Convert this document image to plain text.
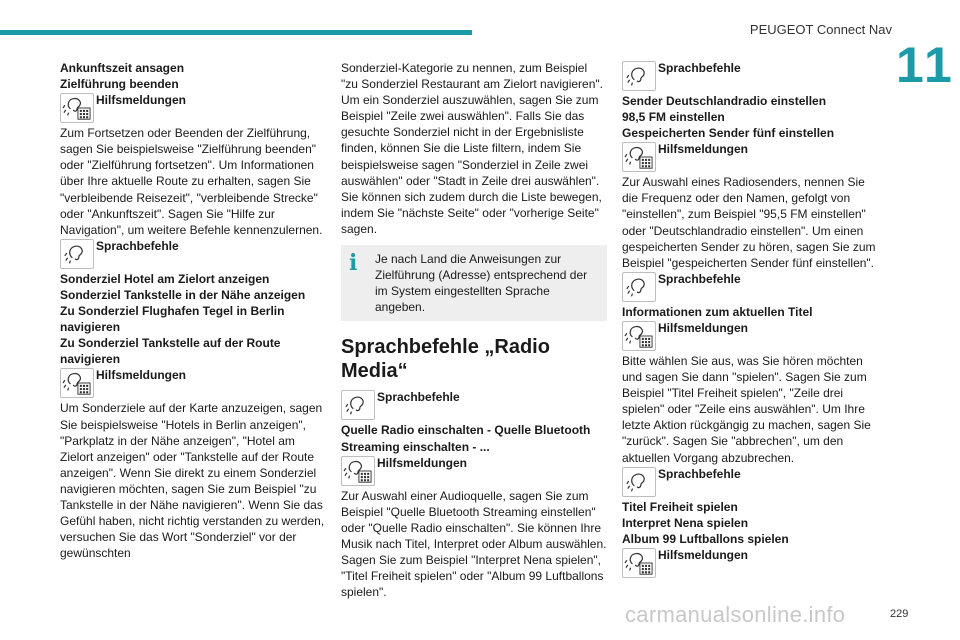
PEUGEOT Connect Nav
11

Ankunftszeit ansagen

Zielführung beenden

Hilfsmeldungen

Zum Fortsetzen oder Beenden der Zielführung, sagen Sie beispielsweise "Zielführung beenden" oder "Zielführung fortsetzen". Um Informationen über Ihre aktuelle Route zu erhalten, sagen Sie "verbleibende Reisezeit", "verbleibende Strecke" oder "Ankunftszeit". Sagen Sie "Hilfe zur Navigation", um weitere Befehle kennenzulernen.

Sprachbefehle

Sonderziel Hotel am Zielort anzeigen

Sonderziel Tankstelle in der Nähe anzeigen

Zu Sonderziel Flughafen Tegel in Berlin navigieren

Zu Sonderziel Tankstelle auf der Route navigieren

Hilfsmeldungen

Um Sonderziele auf der Karte anzuzeigen, sagen Sie beispielsweise "Hotels in Berlin anzeigen", "Parkplatz in der Nähe anzeigen", "Hotel am Zielort anzeigen" oder "Tankstelle auf der Route anzeigen". Wenn Sie direkt zu einem Sonderziel navigieren möchten, sagen Sie zum Beispiel "zu Tankstelle in der Nähe navigieren". Wenn Sie das Gefühl haben, nicht richtig verstanden zu werden, versuchen Sie das Wort "Sonderziel" vor der gewünschten

Sonderziel-Kategorie zu nennen, zum Beispiel "zu Sonderziel Restaurant am Zielort navigieren".

Um ein Sonderziel auszuwählen, sagen Sie zum Beispiel "Zeile zwei auswählen". Falls Sie das gesuchte Sonderziel nicht in der Ergebnisliste finden, können Sie die Liste filtern, indem Sie beispielsweise sagen "Sonderziel in Zeile zwei auswählen" oder "Stadt in Zeile drei auswählen". Sie können sich zudem durch die Liste bewegen, indem Sie "nächste Seite" oder "vorherige Seite" sagen.

i	Je nach Land die Anweisungen zur Zielführung (Adresse) entsprechend der im System eingestellten Sprache angeben.
Sprachbefehle „Radio Media“
Sprachbefehle

Quelle Radio einschalten - Quelle Bluetooth Streaming einschalten - ...

Hilfsmeldungen

Zur Auswahl einer Audioquelle, sagen Sie zum Beispiel "Quelle Bluetooth Streaming einstellen" oder "Quelle Radio einschalten". Sie können Ihre Musik nach Titel, Interpret oder Album auswählen. Sagen Sie zum Beispiel "Interpret Nena spielen", "Titel Freiheit spielen" oder "Album 99 Luftballons spielen".

Sprachbefehle

Sender Deutschlandradio einstellen

98,5 FM einstellen

Gespeicherten Sender fünf einstellen

Hilfsmeldungen

Zur Auswahl eines Radiosenders, nennen Sie die Frequenz oder den Namen, gefolgt von "einstellen", zum Beispiel "95,5 FM einstellen" oder "Deutschlandradio einstellen". Um einen gespeicherten Sender zu hören, sagen Sie zum Beispiel "gespeicherten Sender fünf einstellen".

Sprachbefehle

Informationen zum aktuellen Titel

Hilfsmeldungen

Bitte wählen Sie aus, was Sie hören möchten und sagen Sie dann "spielen". Sagen Sie zum Beispiel "Titel Freiheit spielen", "Zeile drei spielen" oder "Zeile eins auswählen". Um Ihre letzte Aktion rückgängig zu machen, sagen Sie "zurück". Sagen Sie "abbrechen", um den aktuellen Vorgang abzubrechen.

Sprachbefehle

Titel Freiheit spielen

Interpret Nena spielen

Album 99 Luftballons spielen

Hilfsmeldungen
carmanualsonline.info	229
